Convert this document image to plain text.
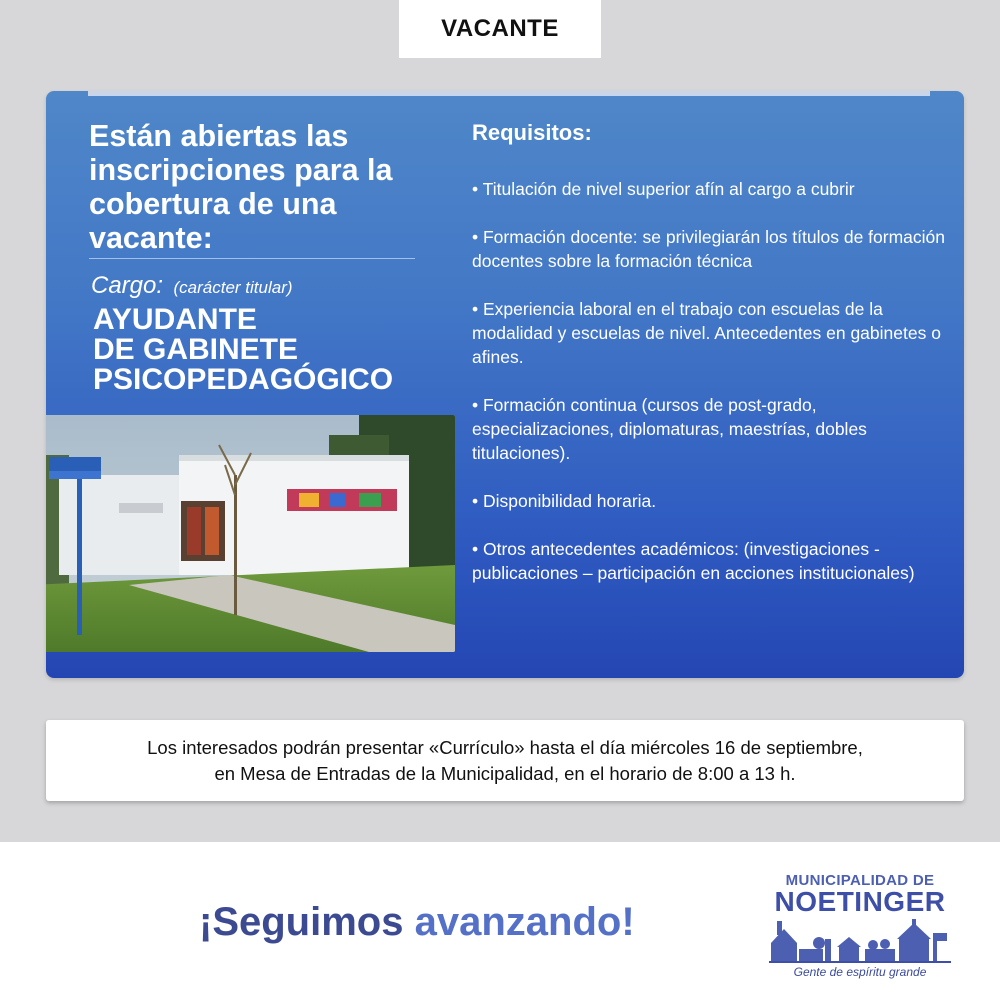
VACANTE
Están abiertas las inscripciones para la cobertura de una vacante:
Cargo: (carácter titular)
AYUDANTE
DE GABINETE
PSICOPEDAGÓGICO
Requisitos:
• Titulación de nivel superior afín al cargo a cubrir
• Formación docente: se privilegiarán los títulos de formación docentes sobre la formación técnica
• Experiencia laboral en el trabajo con escuelas de la modalidad y escuelas de nivel. Antecedentes en gabinetes o afines.
• Formación continua (cursos de post-grado, especializaciones, diplomaturas, maestrías, dobles titulaciones).
• Disponibilidad horaria.
• Otros antecedentes académicos: (investigaciones - publicaciones – participación en acciones institucionales)

Los interesados podrán presentar «Currículo» hasta el día miércoles 16 de septiembre,
en Mesa de Entradas de la Municipalidad, en el horario de 8:00 a 13 h.

¡Seguimos avanzando!
MUNICIPALIDAD DE
NOETINGER
Gente de espíritu grande
